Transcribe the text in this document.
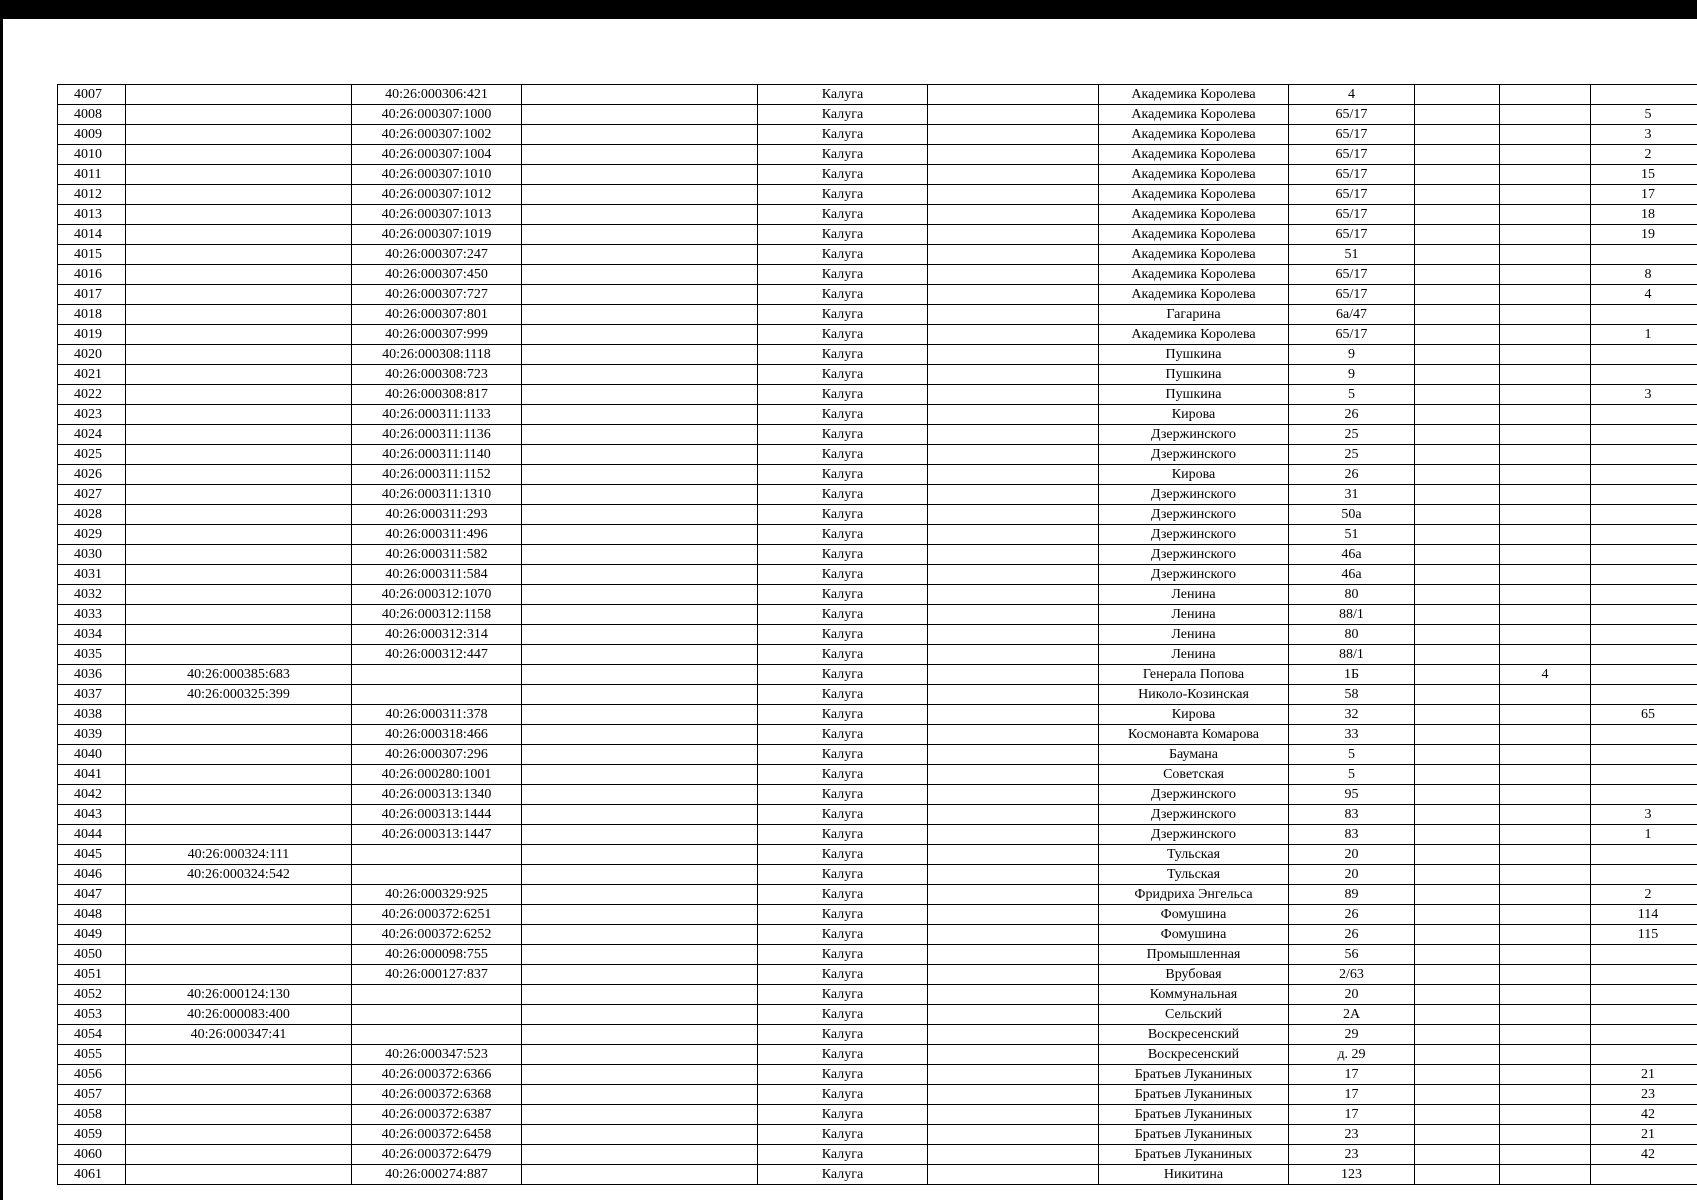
4007		40:26:000306:421		Калуга		Академика Королева	4			
4008		40:26:000307:1000		Калуга		Академика Королева	65/17			5
4009		40:26:000307:1002		Калуга		Академика Королева	65/17			3
4010		40:26:000307:1004		Калуга		Академика Королева	65/17			2
4011		40:26:000307:1010		Калуга		Академика Королева	65/17			15
4012		40:26:000307:1012		Калуга		Академика Королева	65/17			17
4013		40:26:000307:1013		Калуга		Академика Королева	65/17			18
4014		40:26:000307:1019		Калуга		Академика Королева	65/17			19
4015		40:26:000307:247		Калуга		Академика Королева	51			
4016		40:26:000307:450		Калуга		Академика Королева	65/17			8
4017		40:26:000307:727		Калуга		Академика Королева	65/17			4
4018		40:26:000307:801		Калуга		Гагарина	6а/47			
4019		40:26:000307:999		Калуга		Академика Королева	65/17			1
4020		40:26:000308:1118		Калуга		Пушкина	9			
4021		40:26:000308:723		Калуга		Пушкина	9			
4022		40:26:000308:817		Калуга		Пушкина	5			3
4023		40:26:000311:1133		Калуга		Кирова	26			
4024		40:26:000311:1136		Калуга		Дзержинского	25			
4025		40:26:000311:1140		Калуга		Дзержинского	25			
4026		40:26:000311:1152		Калуга		Кирова	26			
4027		40:26:000311:1310		Калуга		Дзержинского	31			
4028		40:26:000311:293		Калуга		Дзержинского	50а			
4029		40:26:000311:496		Калуга		Дзержинского	51			
4030		40:26:000311:582		Калуга		Дзержинского	46а			
4031		40:26:000311:584		Калуга		Дзержинского	46а			
4032		40:26:000312:1070		Калуга		Ленина	80			
4033		40:26:000312:1158		Калуга		Ленина	88/1			
4034		40:26:000312:314		Калуга		Ленина	80			
4035		40:26:000312:447		Калуга		Ленина	88/1			
4036	40:26:000385:683			Калуга		Генерала Попова	1Б		4	
4037	40:26:000325:399			Калуга		Николо-Козинская	58			
4038		40:26:000311:378		Калуга		Кирова	32			65
4039		40:26:000318:466		Калуга		Космонавта Комарова	33			
4040		40:26:000307:296		Калуга		Баумана	5			
4041		40:26:000280:1001		Калуга		Советская	5			
4042		40:26:000313:1340		Калуга		Дзержинского	95			
4043		40:26:000313:1444		Калуга		Дзержинского	83			3
4044		40:26:000313:1447		Калуга		Дзержинского	83			1
4045	40:26:000324:111			Калуга		Тульская	20			
4046	40:26:000324:542			Калуга		Тульская	20			
4047		40:26:000329:925		Калуга		Фридриха Энгельса	89			2
4048		40:26:000372:6251		Калуга		Фомушина	26			114
4049		40:26:000372:6252		Калуга		Фомушина	26			115
4050		40:26:000098:755		Калуга		Промышленная	56			
4051		40:26:000127:837		Калуга		Врубовая	2/63			
4052	40:26:000124:130			Калуга		Коммунальная	20			
4053	40:26:000083:400			Калуга		Сельский	2А			
4054	40:26:000347:41			Калуга		Воскресенский	29			
4055		40:26:000347:523		Калуга		Воскресенский	д. 29			
4056		40:26:000372:6366		Калуга		Братьев Луканиных	17			21
4057		40:26:000372:6368		Калуга		Братьев Луканиных	17			23
4058		40:26:000372:6387		Калуга		Братьев Луканиных	17			42
4059		40:26:000372:6458		Калуга		Братьев Луканиных	23			21
4060		40:26:000372:6479		Калуга		Братьев Луканиных	23			42
4061		40:26:000274:887		Калуга		Никитина	123			
